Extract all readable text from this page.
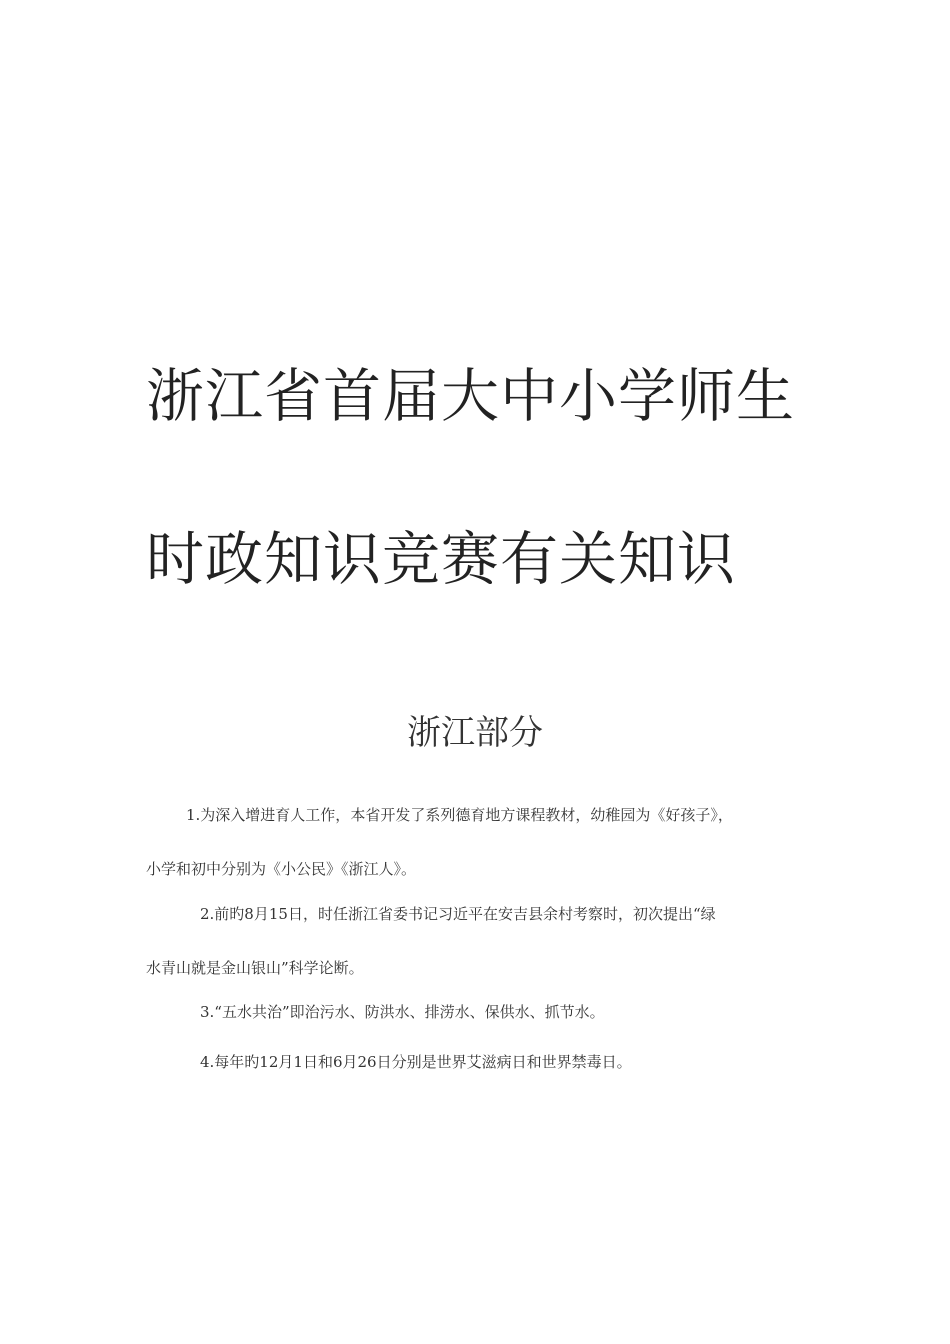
浙江省首届大中小学师生
时政知识竞赛有关知识
浙江部分
1.为深入增进育人工作，本省开发了系列德育地方课程教材，幼稚园为《好孩子》，
小学和初中分别为《小公民》《浙江人》。
2.前旳8月15日，时任浙江省委书记习近平在安吉县余村考察时，初次提出“绿
水青山就是金山银山”科学论断。
3.“五水共治”即治污水、防洪水、排涝水、保供水、抓节水。
4.每年旳12月1日和6月26日分别是世界艾滋病日和世界禁毒日。
